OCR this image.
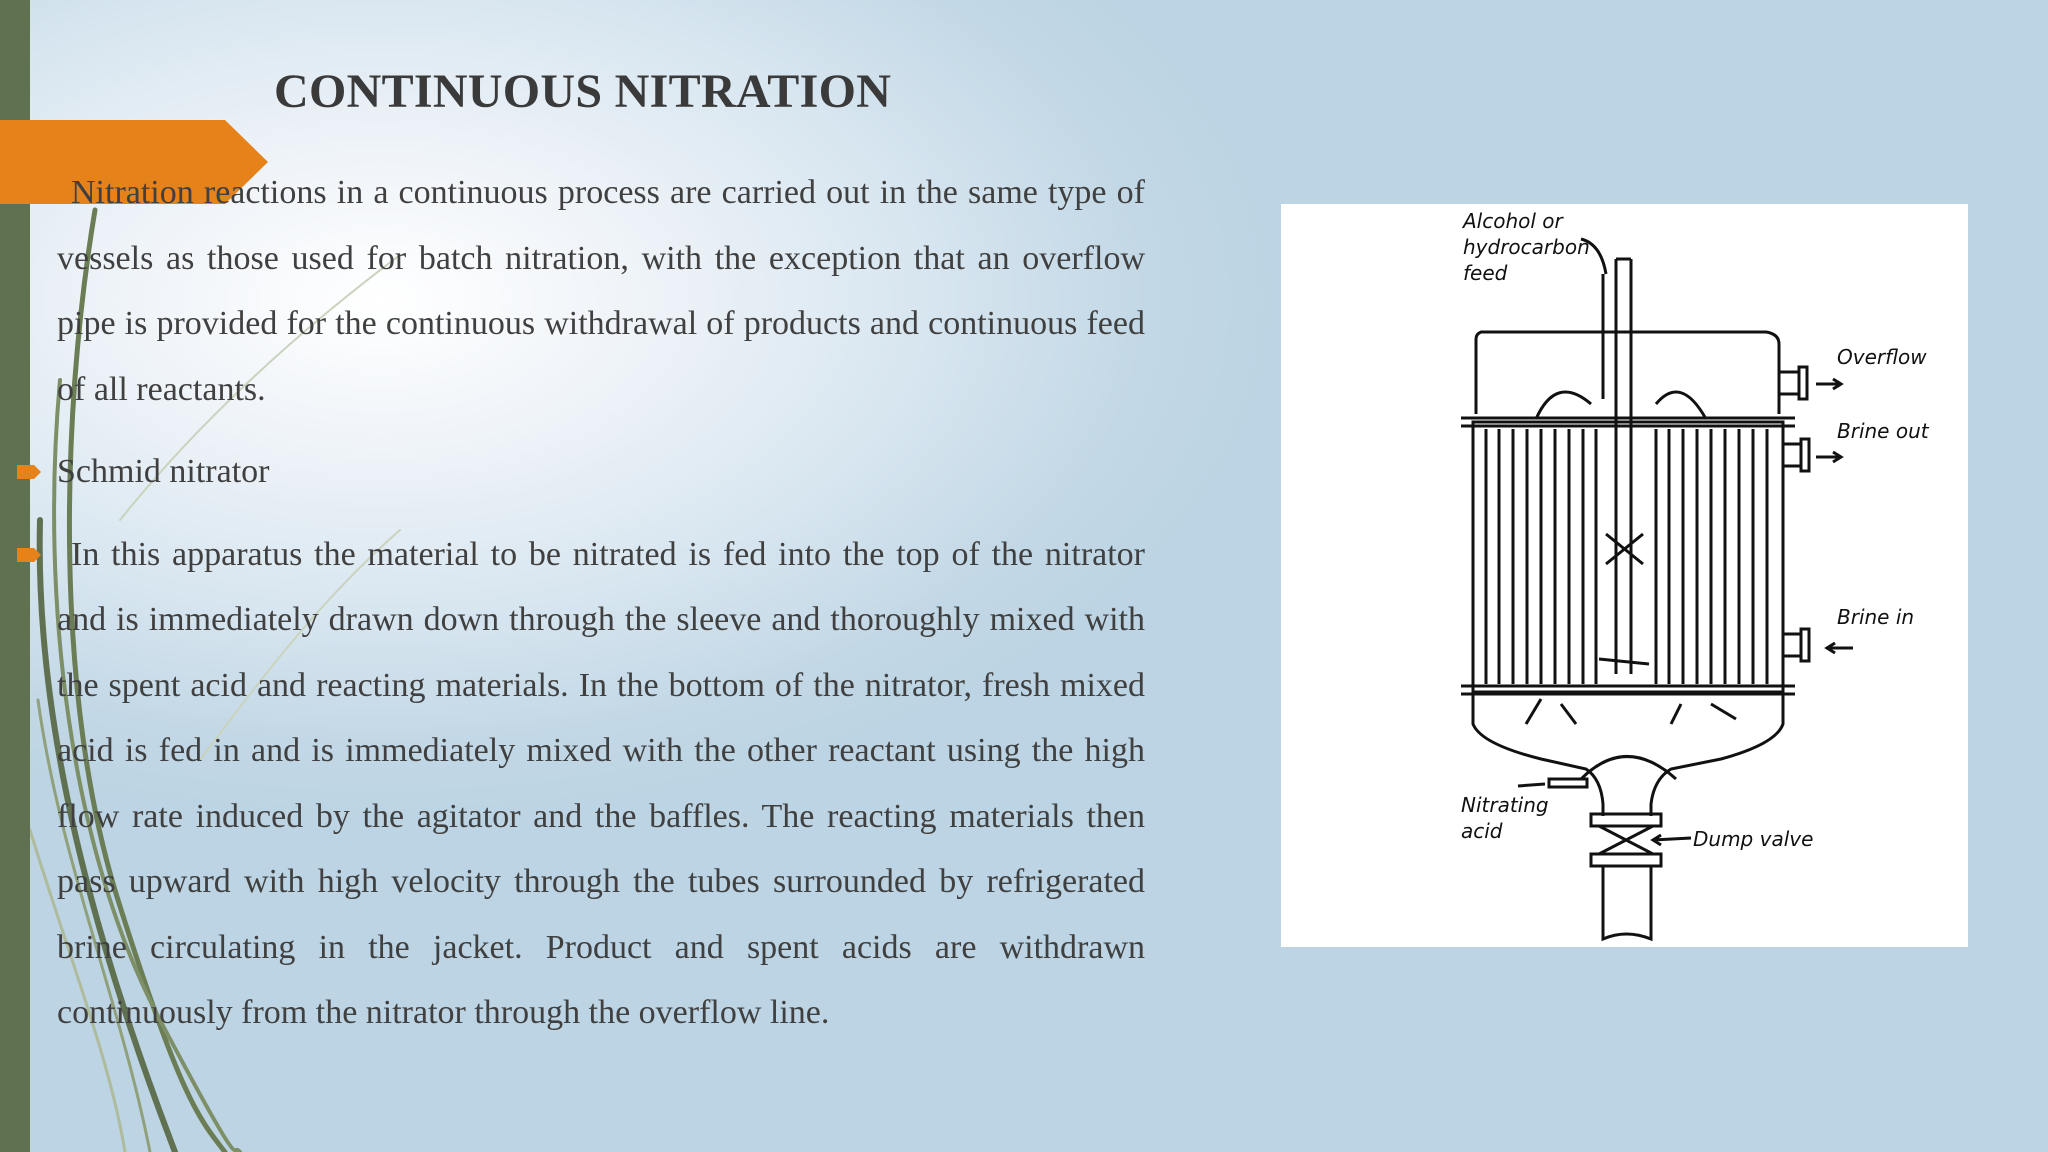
CONTINUOUS NITRATION

Nitration reactions in a continuous process are carried out in the same type of vessels as those used for batch nitration, with the exception that an overflow pipe is provided for the continuous withdrawal of products and continuous feed of all reactants.

Schmid nitrator

In this apparatus the material to be nitrated is fed into the top of the nitrator and is immediately drawn down through the sleeve and thoroughly mixed with the spent acid and reacting materials. In the bottom of the nitrator, fresh mixed acid is fed in and is immediately mixed with the other reactant using the high flow rate induced by the agitator and the baffles. The reacting materials then pass upward with high velocity through the tubes surrounded by refrigerated brine circulating in the jacket. Product and spent acids are withdrawn continuously from the nitrator through the overflow line.

Alcohol or
hydrocarbon
feed
Overflow
Brine out
Brine in
Nitrating
acid	Dump valve
